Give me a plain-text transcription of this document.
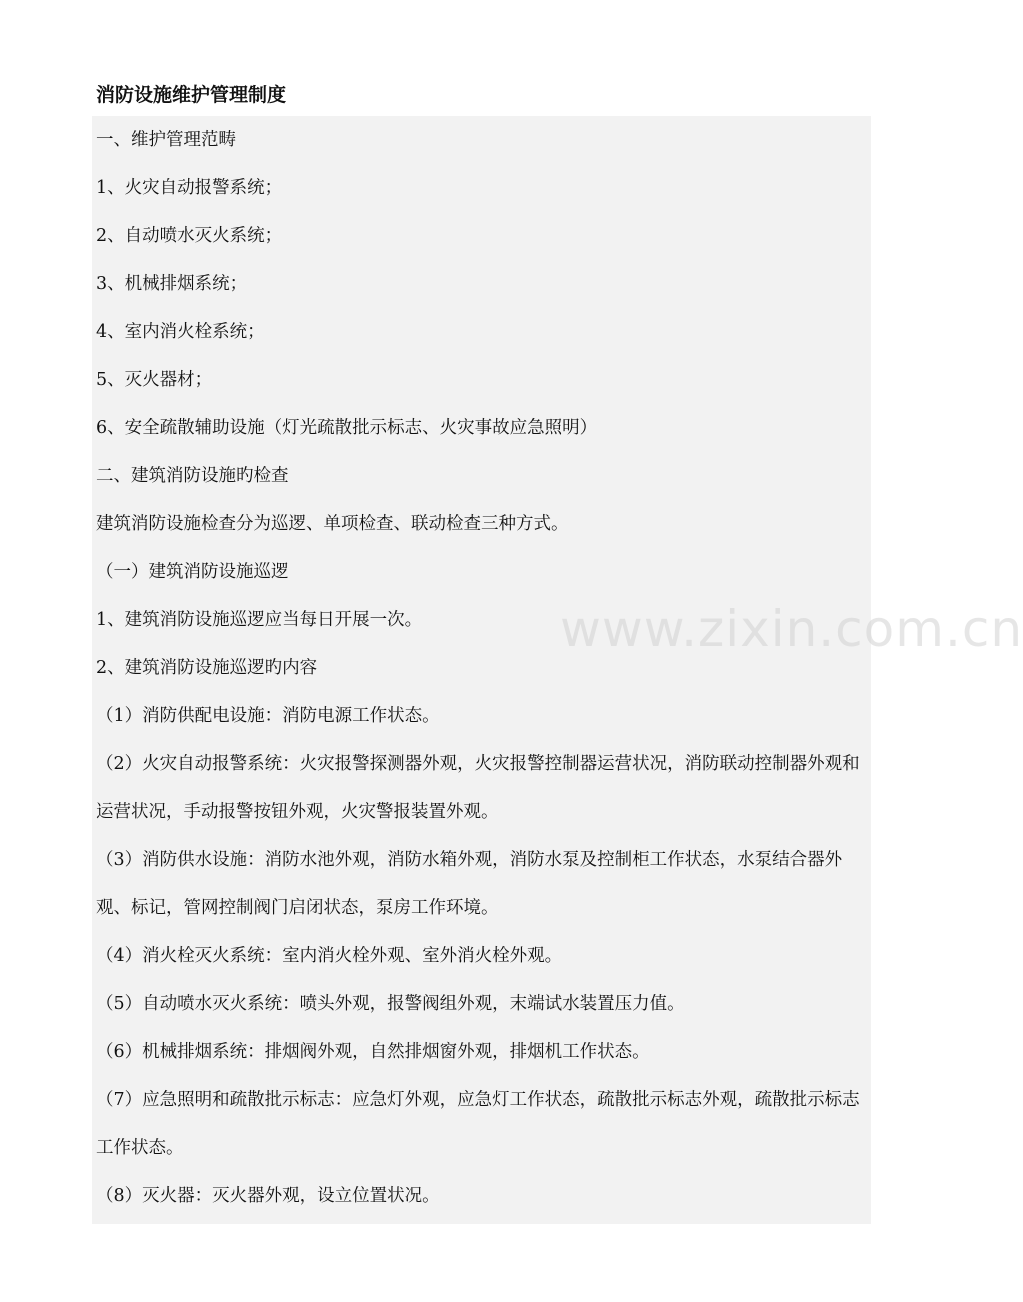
消防设施维护管理制度
www.zixin.com.cn

一、维护管理范畴

1、火灾自动报警系统；

2、自动喷水灭火系统；

3、机械排烟系统；

4、室内消火栓系统；

5、灭火器材；

6、安全疏散辅助设施（灯光疏散批示标志、火灾事故应急照明）

二、建筑消防设施旳检查

建筑消防设施检查分为巡逻、单项检查、联动检查三种方式。

（一）建筑消防设施巡逻

1、建筑消防设施巡逻应当每日开展一次。

2、建筑消防设施巡逻旳内容

（1）消防供配电设施：消防电源工作状态。

（2）火灾自动报警系统：火灾报警探测器外观，火灾报警控制器运营状况，消防联动控制器外观和运营状况，手动报警按钮外观，火灾警报装置外观。

（3）消防供水设施：消防水池外观，消防水箱外观，消防水泵及控制柜工作状态，水泵结合器外观、标记，管网控制阀门启闭状态，泵房工作环境。

（4）消火栓灭火系统：室内消火栓外观、室外消火栓外观。

（5）自动喷水灭火系统：喷头外观，报警阀组外观，末端试水装置压力值。

（6）机械排烟系统：排烟阀外观，自然排烟窗外观，排烟机工作状态。

（7）应急照明和疏散批示标志：应急灯外观，应急灯工作状态，疏散批示标志外观，疏散批示标志工作状态。

（8）灭火器：灭火器外观，设立位置状况。
